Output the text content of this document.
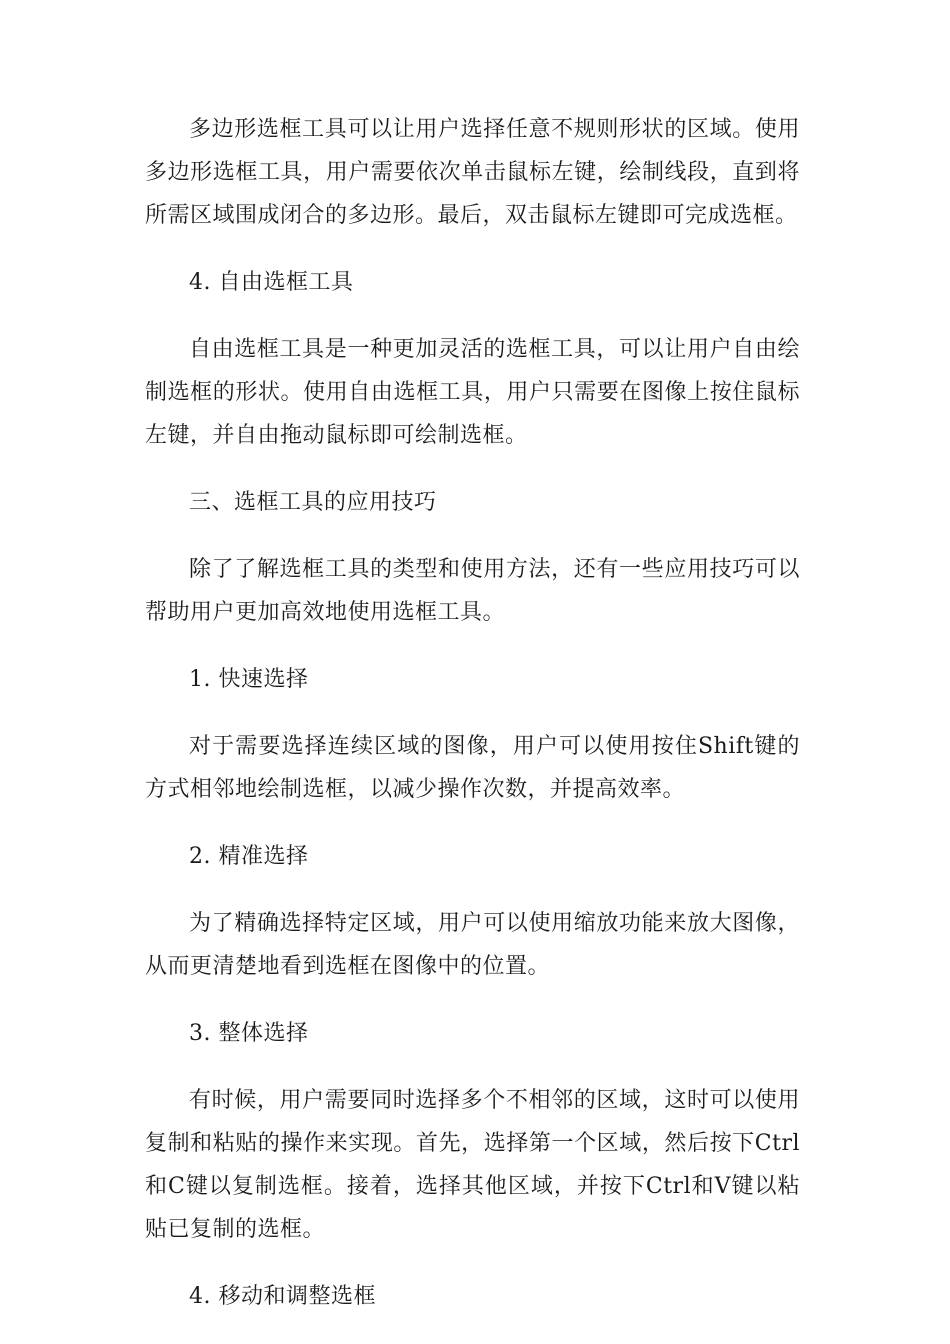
多边形选框工具可以让用户选择任意不规则形状的区域。使用多边形选框工具，用户需要依次单击鼠标左键，绘制线段，直到将所需区域围成闭合的多边形。最后，双击鼠标左键即可完成选框。

4. 自由选框工具

自由选框工具是一种更加灵活的选框工具，可以让用户自由绘制选框的形状。使用自由选框工具，用户只需要在图像上按住鼠标左键，并自由拖动鼠标即可绘制选框。

三、选框工具的应用技巧

除了了解选框工具的类型和使用方法，还有一些应用技巧可以帮助用户更加高效地使用选框工具。

1. 快速选择

对于需要选择连续区域的图像，用户可以使用按住Shift键的方式相邻地绘制选框，以减少操作次数，并提高效率。

2. 精准选择

为了精确选择特定区域，用户可以使用缩放功能来放大图像，从而更清楚地看到选框在图像中的位置。

3. 整体选择

有时候，用户需要同时选择多个不相邻的区域，这时可以使用复制和粘贴的操作来实现。首先，选择第一个区域，然后按下Ctrl和C键以复制选框。接着，选择其他区域，并按下Ctrl和V键以粘贴已复制的选框。

4. 移动和调整选框
